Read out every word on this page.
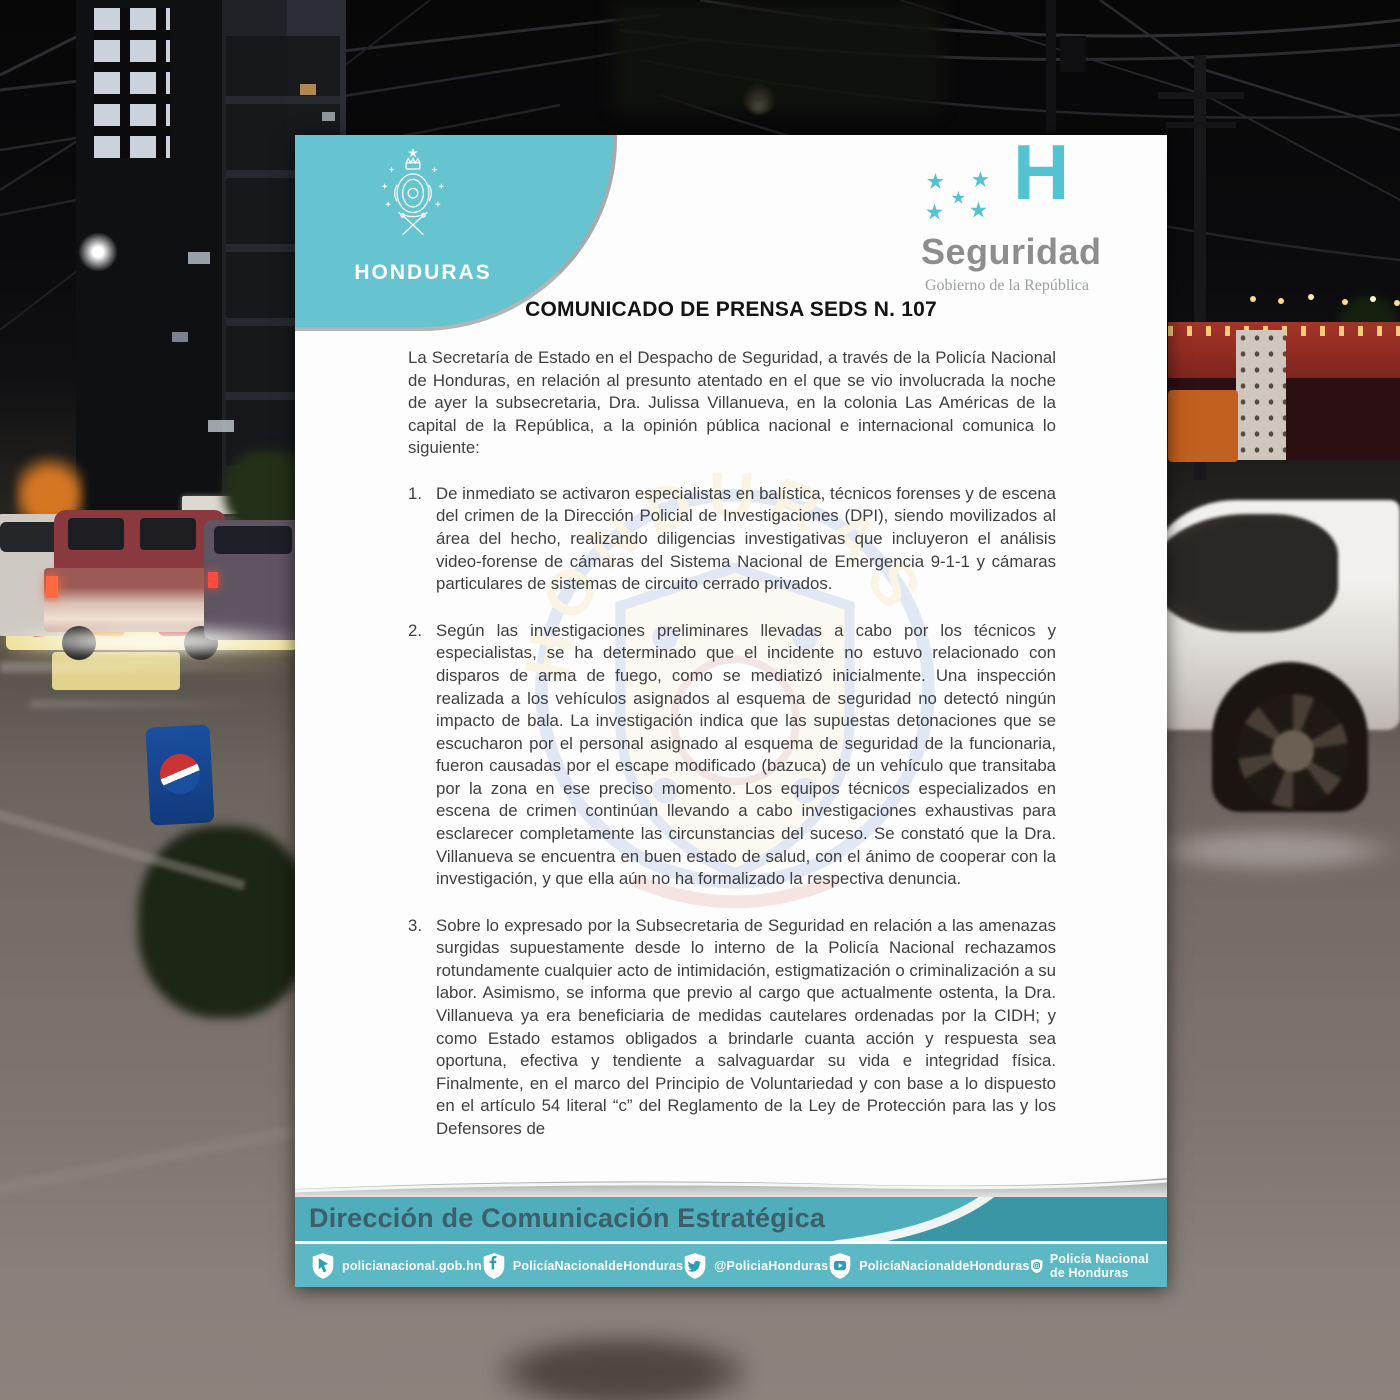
HONDURAS
H
Seguridad
Gobierno de la República
COMUNICADO DE PRENSA SEDS N. 107
HONDURAS

La Secretaría de Estado en el Despacho de Seguridad, a través de la Policía Nacional de Honduras, en relación al presunto atentado en el que se vio involucrada la noche de ayer la subsecretaria, Dra. Julissa Villanueva, en la colonia Las Américas de la capital de la República, a la opinión pública nacional e internacional comunica lo siguiente:

1. De inmediato se activaron especialistas en balística, técnicos forenses y de escena del crimen de la Dirección Policial de Investigaciones (DPI), siendo movilizados al área del hecho, realizando diligencias investigativas que incluyeron el análisis video-forense de cámaras del Sistema Nacional de Emergencia 9-1-1 y cámaras particulares de sistemas de circuito cerrado privados.

2. Según las investigaciones preliminares llevadas a cabo por los técnicos y especialistas, se ha determinado que el incidente no estuvo relacionado con disparos de arma de fuego, como se mediatizó inicialmente. Una inspección realizada a los vehículos asignados al esquema de seguridad no detectó ningún impacto de bala. La investigación indica que las supuestas detonaciones que se escucharon por el personal asignado al esquema de seguridad de la funcionaria, fueron causadas por el escape modificado (bazuca) de un vehículo que transitaba por la zona en ese preciso momento. Los equipos técnicos especializados en escena de crimen continúan llevando a cabo investigaciones exhaustivas para esclarecer completamente las circunstancias del suceso. Se constató que la Dra. Villanueva se encuentra en buen estado de salud, con el ánimo de cooperar con la investigación, y que ella aún no ha formalizado la respectiva denuncia.

3. Sobre lo expresado por la Subsecretaria de Seguridad en relación a las amenazas surgidas supuestamente desde lo interno de la Policía Nacional rechazamos rotundamente cualquier acto de intimidación, estigmatización o criminalización a su labor. Asimismo, se informa que previo al cargo que actualmente ostenta, la Dra. Villanueva ya era beneficiaria de medidas cautelares ordenadas por la CIDH; y como Estado estamos obligados a brindarle cuanta acción y respuesta sea oportuna, efectiva y tendiente a salvaguardar su vida e integridad física. Finalmente, en el marco del Principio de Voluntariedad y con base a lo dispuesto en el artículo 54 literal “c” del Reglamento de la Ley de Protección para las y los Defensores de

Dirección de Comunicación Estratégica
policianacional.gob.hn PolicíaNacionaldeHonduras @PoliciaHonduras PolicíaNacionaldeHonduras Policía Nacional de Honduras
